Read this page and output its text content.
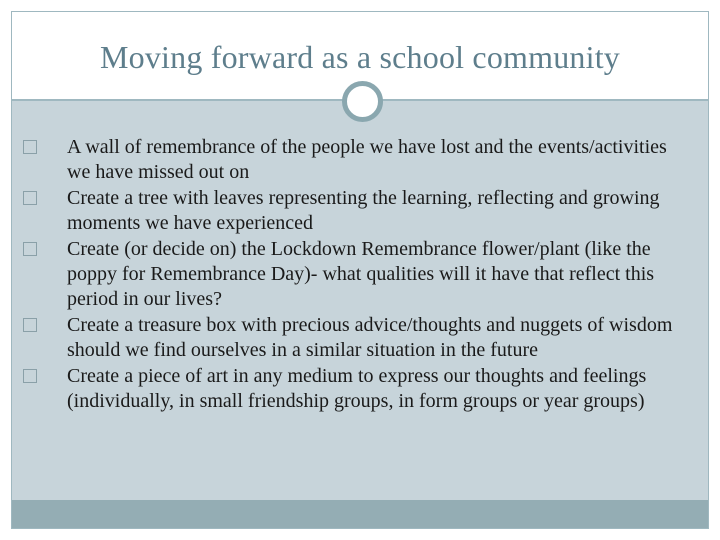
Moving forward as a school community
A wall of remembrance of the people we have lost and the events/activities we have missed out on
Create a tree with leaves representing the learning, reflecting and growing moments we have experienced
Create (or decide on) the Lockdown Remembrance flower/plant (like the poppy for Remembrance Day)- what qualities will it have that reflect this period in our lives?
Create a treasure box with precious advice/thoughts and nuggets of wisdom should we find ourselves in a similar situation in the future
Create a piece of art in any medium to express our thoughts and feelings (individually, in small friendship groups, in form groups or year groups)
